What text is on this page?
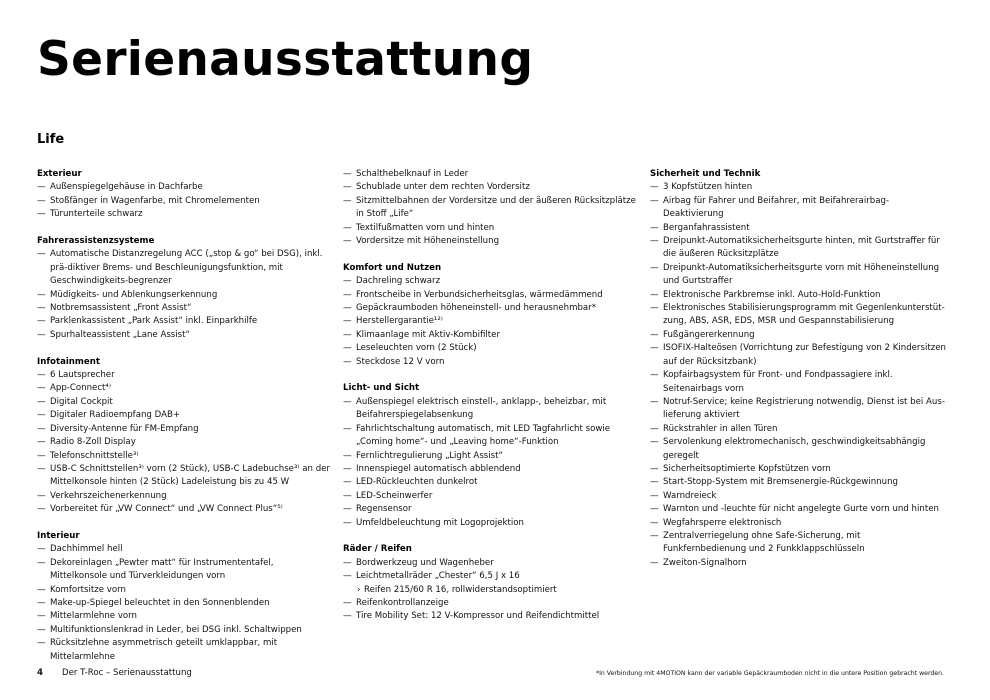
Serienausstattung
Life
Exterieur
— Außenspiegelgehäuse in Dachfarbe
— Stoßfänger in Wagenfarbe, mit Chromelementen
— Türunterteile schwarz
Fahrerassistenzsysteme
— Automatische Distanzregelung ACC („stop & go“ bei DSG), inkl. prä-diktiver Brems- und Beschleunigungsfunktion, mit Geschwindigkeits-begrenzer
— Müdigkeits- und Ablenkungserkennung
— Notbremsassistent „Front Assist“
— Parklenkassistent „Park Assist“ inkl. Einparkhilfe
— Spurhalteassistent „Lane Assist“
Infotainment
— 6 Lautsprecher
— App-Connect⁴⁾
— Digital Cockpit
— Digitaler Radioempfang DAB+
— Diversity-Antenne für FM-Empfang
— Radio 8-Zoll Display
— Telefonschnittstelle³⁾
— USB-C Schnittstellen³⁾ vorn (2 Stück), USB-C Ladebuchse³⁾ an der Mittelkonsole hinten (2 Stück) Ladeleistung bis zu 45 W
— Verkehrszeichenerkennung
— Vorbereitet für „VW Connect“ und „VW Connect Plus“⁵⁾
Interieur
— Dachhimmel hell
— Dekoreinlagen „Pewter matt“ für Instrumententafel, Mittelkonsole und Türverkleidungen vorn
— Komfortsitze vorn
— Make-up-Spiegel beleuchtet in den Sonnenblenden
— Mittelarmlehne vorn
— Multifunktionslenkrad in Leder, bei DSG inkl. Schaltwippen
— Rücksitzlehne asymmetrisch geteilt umklappbar, mit Mittelarmlehne
— Schalthebelknauf in Leder
— Schublade unter dem rechten Vordersitz
— Sitzmittelbahnen der Vordersitze und der äußeren Rücksitzplätze in Stoff „Life“
— Textilfußmatten vorn und hinten
— Vordersitze mit Höheneinstellung
Komfort und Nutzen
— Dachreling schwarz
— Frontscheibe in Verbundsicherheitsglas, wärmedämmend
— Gepäckraumboden höheneinstell- und herausnehmbar*
— Herstellergarantie¹²⁾
— Klimaanlage mit Aktiv-Kombifilter
— Leseleuchten vorn (2 Stück)
— Steckdose 12 V vorn
Licht- und Sicht
— Außenspiegel elektrisch einstell-, anklapp-, beheizbar, mit Beifahrerspiegelabsenkung
— Fahrlichtschaltung automatisch, mit LED Tagfahrlicht sowie „Coming home“- und „Leaving home“-Funktion
— Fernlichtregulierung „Light Assist“
— Innenspiegel automatisch abblendend
— LED-Rückleuchten dunkelrot
— LED-Scheinwerfer
— Regensensor
— Umfeldbeleuchtung mit Logoprojektion
Räder / Reifen
— Bordwerkzeug und Wagenheber
— Leichtmetallräder „Chester“ 6,5 J x 16
› Reifen 215/60 R 16, rollwiderstandsoptimiert
— Reifenkontrollanzeige
— Tire Mobility Set: 12 V-Kompressor und Reifendichtmittel
Sicherheit und Technik
— 3 Kopfstützen hinten
— Airbag für Fahrer und Beifahrer, mit Beifahrerairbag-Deaktivierung
— Berganfahrassistent
— Dreipunkt-Automatiksicherheitsgurte hinten, mit Gurtstraffer für die äußeren Rücksitzplätze
— Dreipunkt-Automatiksicherheitsgurte vorn mit Höheneinstellung und Gurtstraffer
— Elektronische Parkbremse inkl. Auto-Hold-Funktion
— Elektronisches Stabilisierungsprogramm mit Gegenlenkunterstüt-zung, ABS, ASR, EDS, MSR und Gespannstabilisierung
— Fußgängererkennung
— ISOFIX-Halteösen (Vorrichtung zur Befestigung von 2 Kindersitzen auf der Rücksitzbank)
— Kopfairbagsystem für Front- und Fondpassagiere inkl. Seitenairbags vorn
— Notruf-Service; keine Registrierung notwendig, Dienst ist bei Aus-lieferung aktiviert
— Rückstrahler in allen Türen
— Servolenkung elektromechanisch, geschwindigkeitsabhängig geregelt
— Sicherheitsoptimierte Kopfstützen vorn
— Start-Stopp-System mit Bremsenergie-Rückgewinnung
— Warndreieck
— Warnton und -leuchte für nicht angelegte Gurte vorn und hinten
— Wegfahrsperre elektronisch
— Zentralverriegelung ohne Safe-Sicherung, mit Funkfernbedienung und 2 Funkklappschlüsseln
— Zweiton-Signalhorn
4 Der T-Roc – Serienausstattung	*In Verbindung mit 4MOTION kann der variable Gepäckraumboden nicht in die untere Position gebracht werden.
